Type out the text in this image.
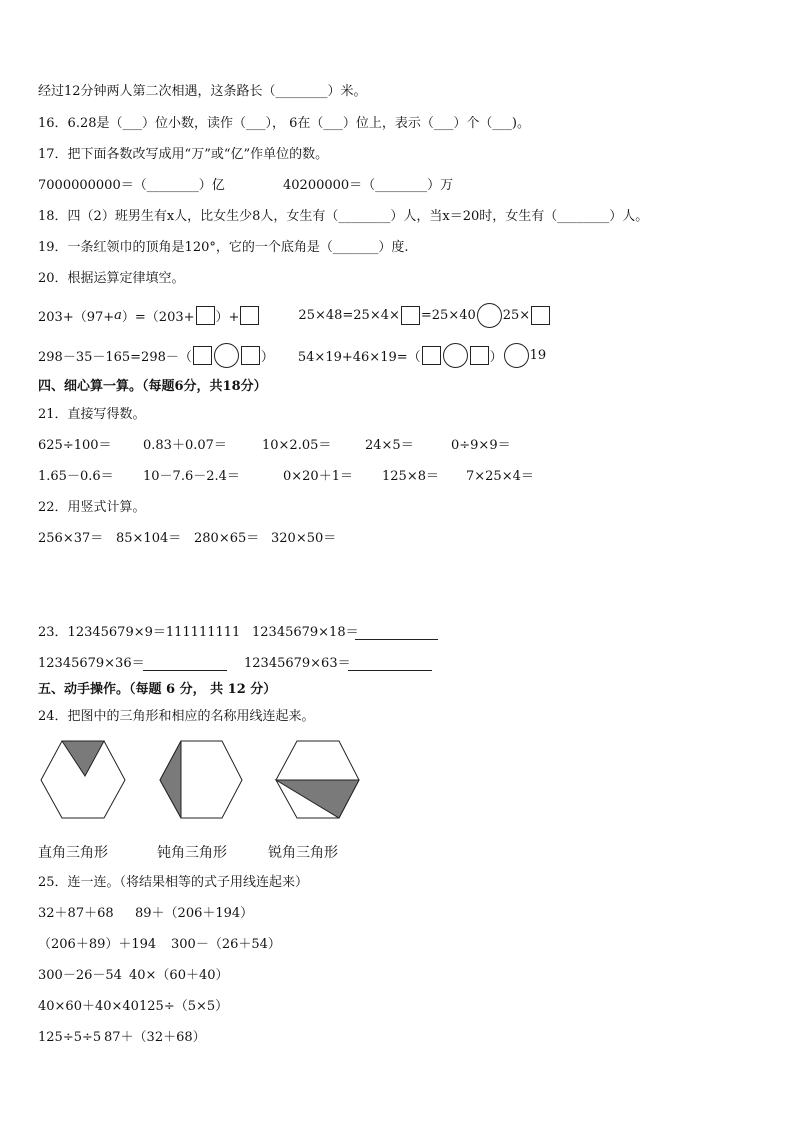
经过12分钟两人第二次相遇，这条路长（________）米。
16．6.28是（___）位小数，读作（___）， 6在（___）位上，表示（___）个（___)。
17．把下面各数改写成用“万”或“亿”作单位的数。
7000000000＝（________）亿	40200000＝（________）万
18．四（2）班男生有x人，比女生少8人，女生有（________）人，当x＝20时，女生有（________）人。
19．一条红领巾的顶角是120°，它的一个底角是（_______）度.
20．根据运算定律填空。
203+（97+ a ）=（203+ ）+	25×48=25×4× =25×40 25×
298－35－165=298－（	） 54×19+46×19=（	） 19
四、细心算一算。（每题6分，共18分）
21．直接写得数。
625÷100＝ 0.83＋0.07＝	10×2.05＝	24×5＝	0÷9×9＝
1.65－0.6＝ 10－7.6－2.4＝	0×20＋1＝ 125×8＝ 7×25×4＝
22．用竖式计算。
256×37＝ 85×104＝ 280×65＝ 320×50＝
23．12345679×9＝111111111 12345679×18＝
12345679×36＝	12345679×63＝
五、动手操作。（每题 6 分， 共 12 分）
24．把图中的三角形和相应的名称用线连起来。
直角三角形	钝角三角形	锐角三角形
25．连一连。（将结果相等的式子用线连起来）
32＋87＋68 89＋（206＋194）
（206＋89）＋194 300－（26＋54）
300－26－54 40×（60＋40）
40×60＋40×40 125÷（5×5）
125÷5÷5 87＋（32＋68）
